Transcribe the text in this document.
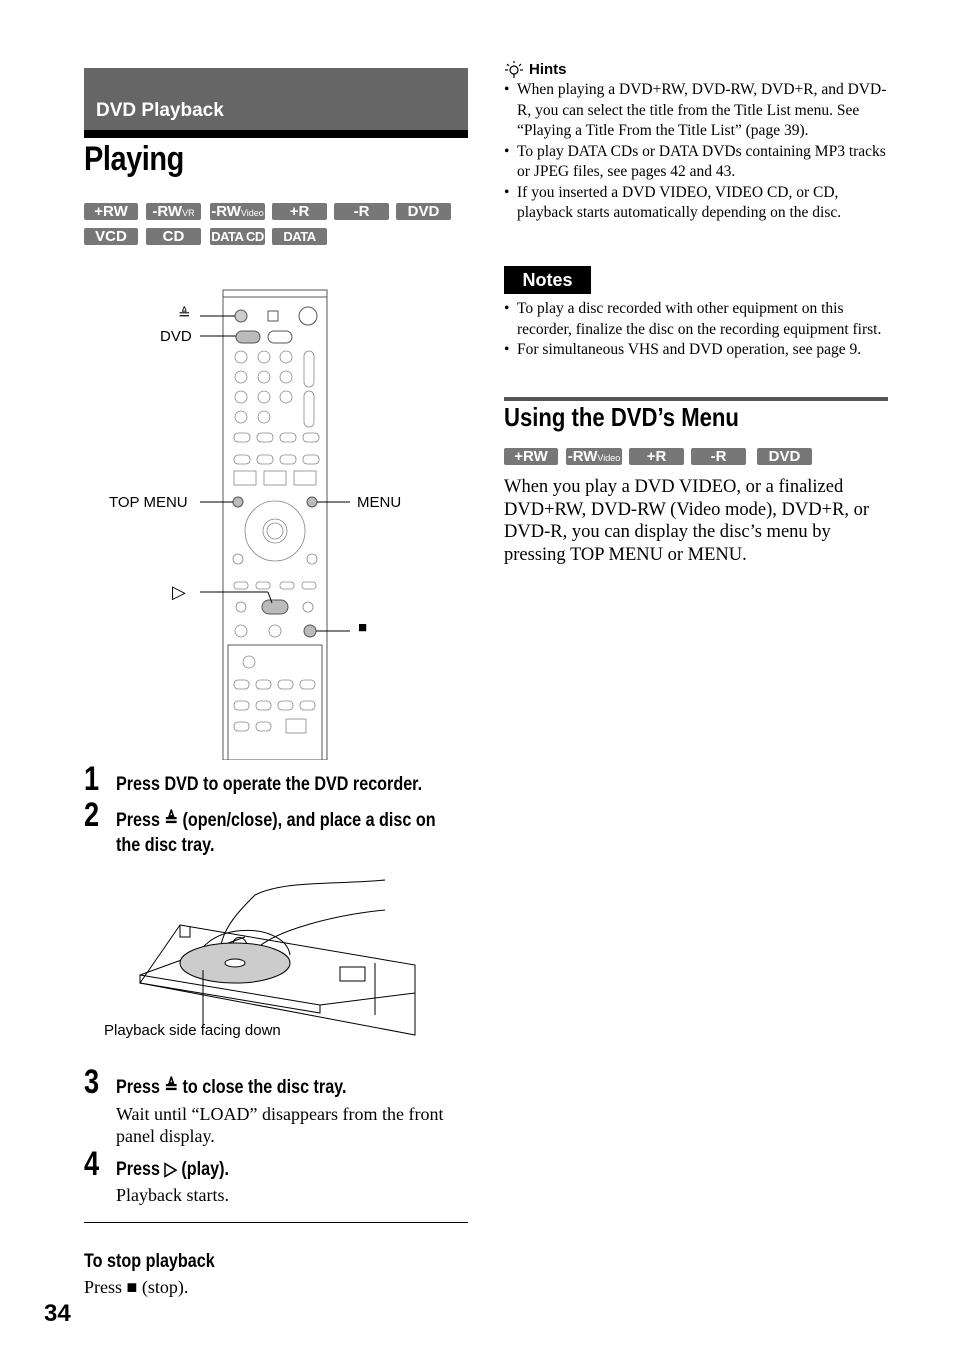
DVD Playback
Playing
+RW	-RWVR	-RWVideo	+R	-R	DVD
VCD	CD	DATA CD	DATA DVD
≜
DVD
TOP MENU	MENU
▷
■
1 Press DVD to operate the DVD recorder.
2 Press ≜ (open/close), and place a disc on
the disc tray.
Playback side facing down
3 Press ≜ to close the disc tray.
Wait until “LOAD” disappears from the front
panel display.
4 Press ▷ (play).
Playback starts.
To stop playback
Press ■ (stop).
34
Hints
• When playing a DVD+RW, DVD-RW, DVD+R, and DVD-R, you can select the title from the Title List menu. See “Playing a Title From the Title List” (page 39).
• To play DATA CDs or DATA DVDs containing MP3 tracks or JPEG files, see pages 42 and 43.
• If you inserted a DVD VIDEO, VIDEO CD, or CD, playback starts automatically depending on the disc.
Notes
• To play a disc recorded with other equipment on this recorder, finalize the disc on the recording equipment first.
• For simultaneous VHS and DVD operation, see page 9.
Using the DVD’s Menu
+RW	-RWVideo	+R	-R	DVD
When you play a DVD VIDEO, or a finalized DVD+RW, DVD-RW (Video mode), DVD+R, or DVD-R, you can display the disc’s menu by pressing TOP MENU or MENU.
